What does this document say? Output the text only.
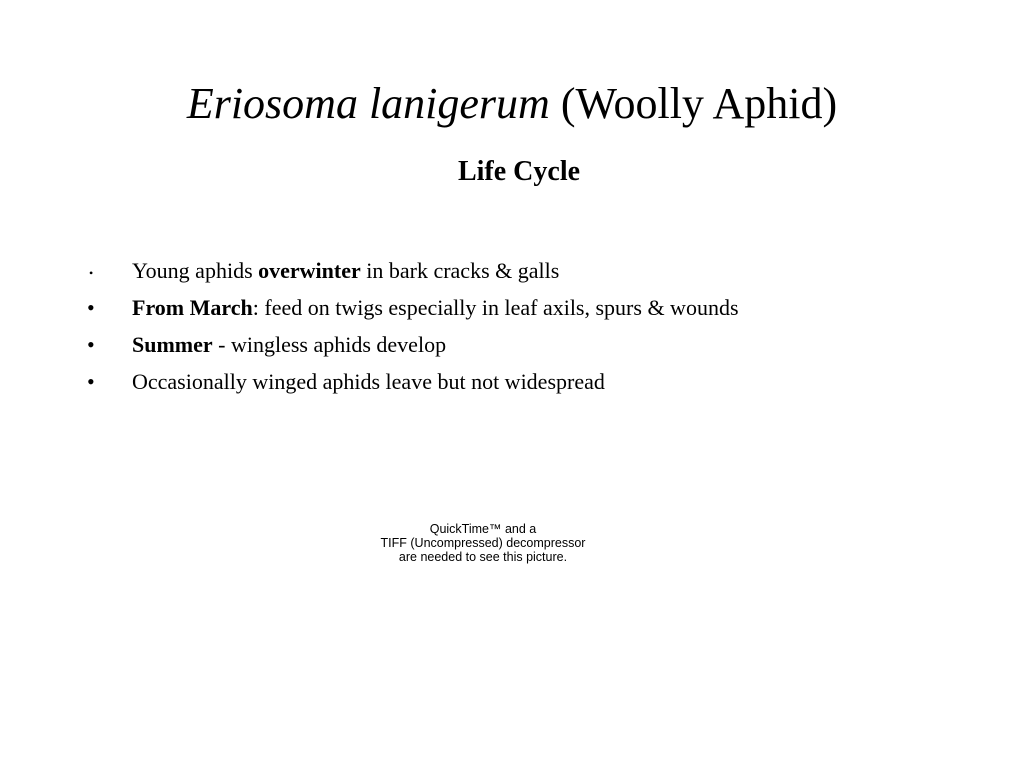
Eriosoma lanigerum (Woolly Aphid)
Life Cycle
• Young aphids overwinter in bark cracks & galls
• From March: feed on twigs especially in leaf axils, spurs & wounds
• Summer - wingless aphids develop
• Occasionally winged aphids leave but not widespread
QuickTime™ and a
TIFF (Uncompressed) decompressor
are needed to see this picture.
